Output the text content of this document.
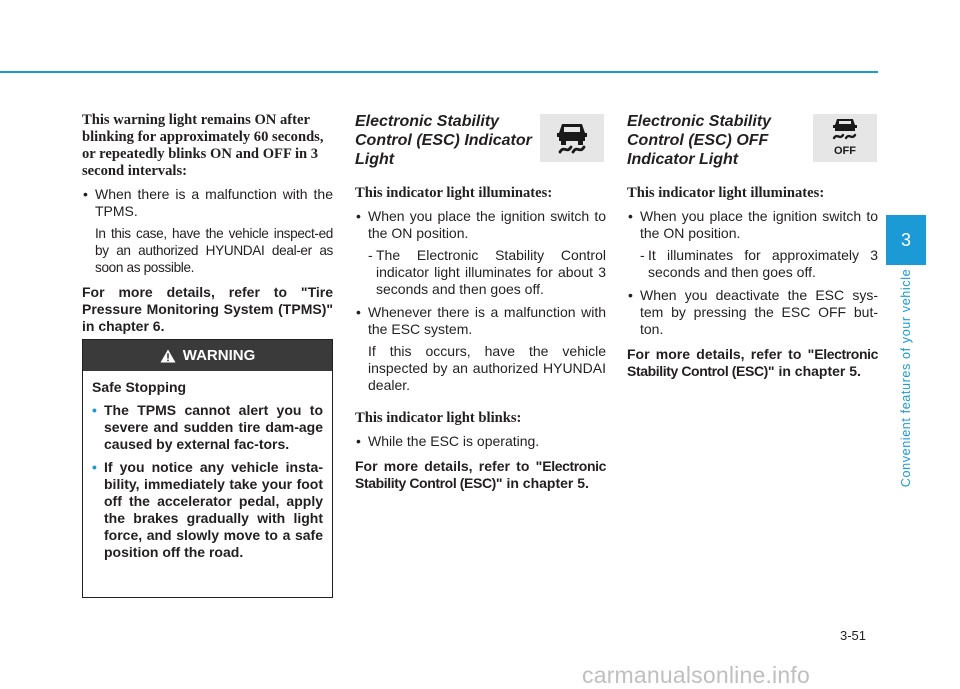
This warning light remains ON after blinking for approximately 60 seconds, or repeatedly blinks ON and OFF in 3 second intervals:

• When there is a malfunction with the TPMS.

In this case, have the vehicle inspect-ed by an authorized HYUNDAI deal-er as soon as possible.

For more details, refer to "Tire Pressure Monitoring System (TPMS)" in chapter 6.

WARNING

Safe Stopping

• The TPMS cannot alert you to severe and sudden tire dam-age caused by external fac-tors.

• If you notice any vehicle insta-bility, immediately take your foot off the accelerator pedal, apply the brakes gradually with light force, and slowly move to a safe position off the road.

Electronic Stability Control (ESC) Indicator Light

This indicator light illuminates:

• When you place the ignition switch to the ON position.

- The Electronic Stability Control indicator light illuminates for about 3 seconds and then goes off.

• Whenever there is a malfunction with the ESC system.

If this occurs, have the vehicle inspected by an authorized HYUNDAI dealer.

This indicator light blinks:

• While the ESC is operating.

For more details, refer to "Electronic Stability Control (ESC)" in chapter 5.

Electronic Stability Control (ESC) OFF Indicator Light	OFF

This indicator light illuminates:

• When you place the ignition switch to the ON position.

- It illuminates for approximately 3 seconds and then goes off.

• When you deactivate the ESC sys-tem by pressing the ESC OFF but-ton.

For more details, refer to "Electronic Stability Control (ESC)" in chapter 5.

3
Convenient features of your vehicle
3-51
carmanualsonline.info
